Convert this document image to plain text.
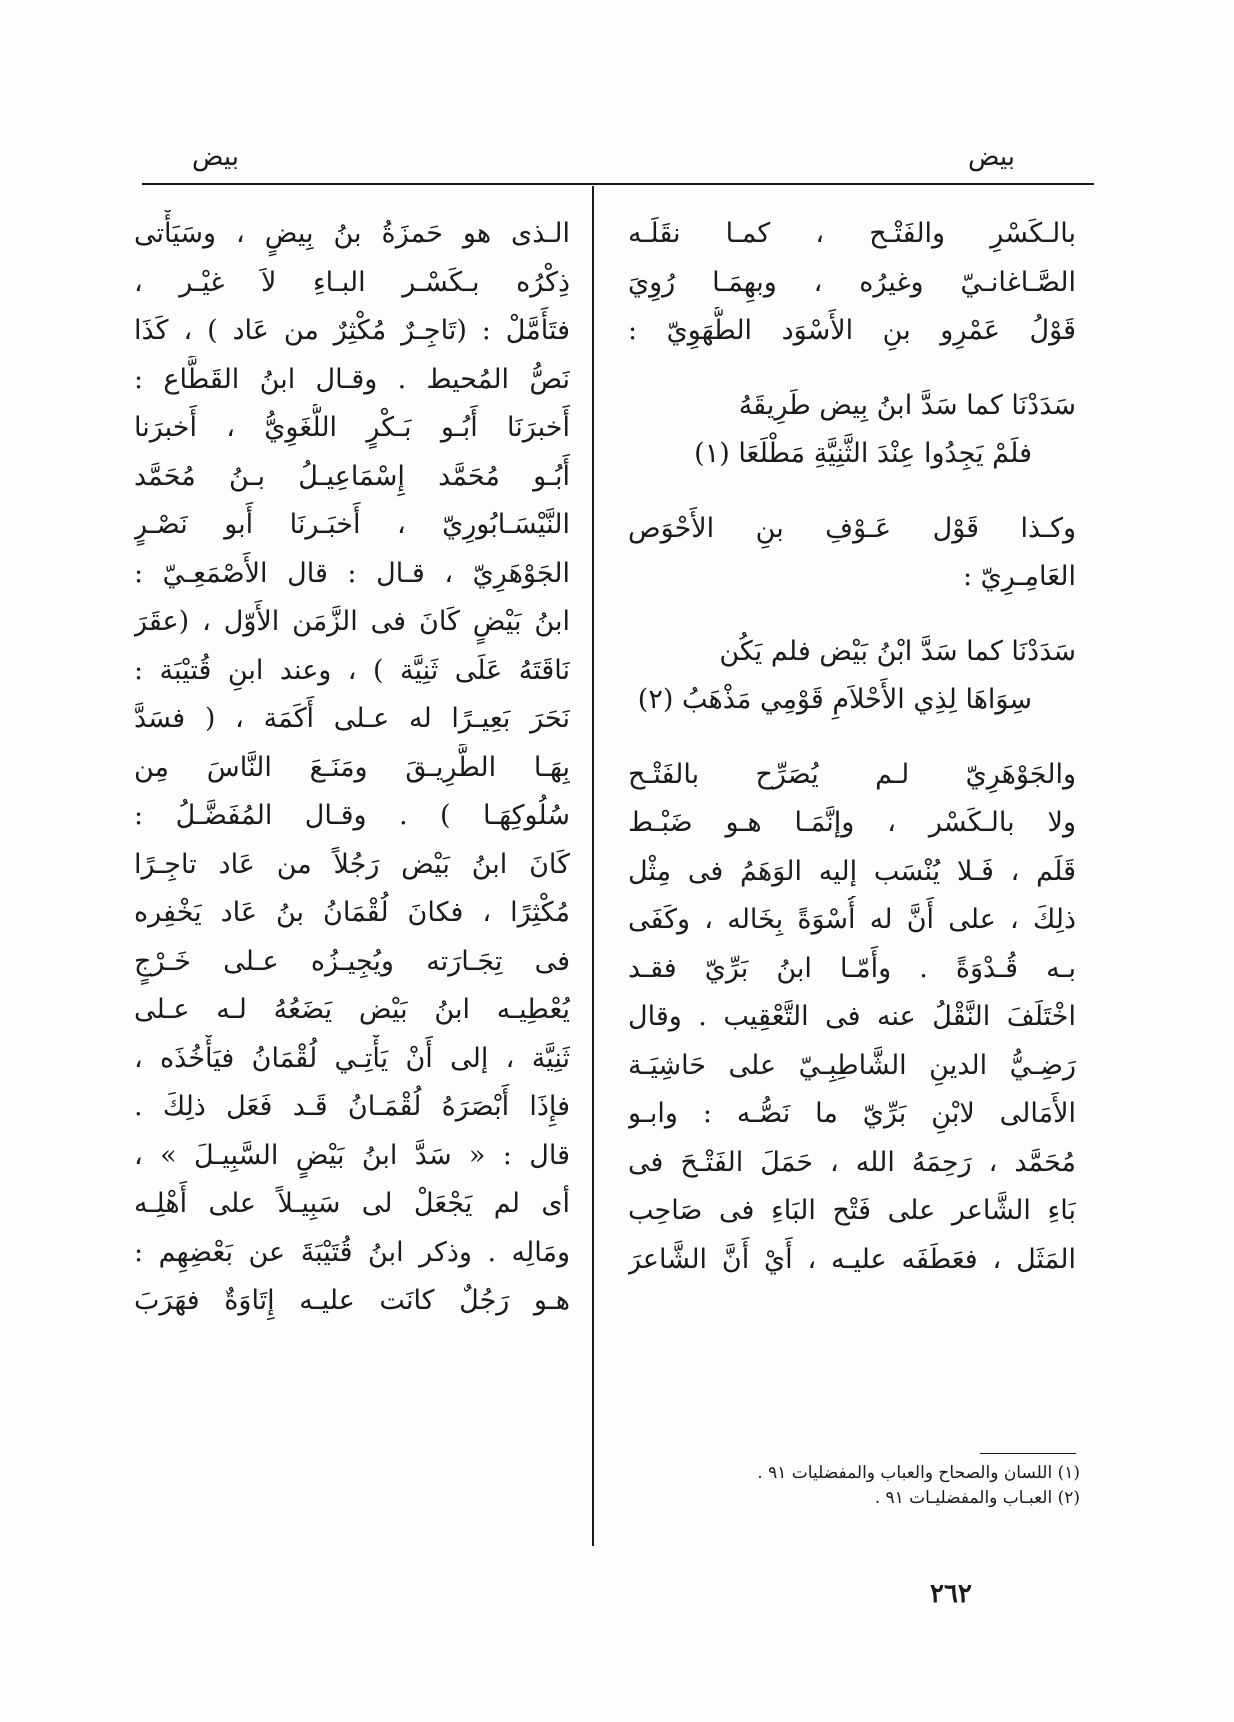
بيض
بيض
بالـكَسْرِ والفَتْـح ، كمـا نقَلَـه
الصَّـاغانـيّ وغيرُه ، وبهِمَـا رُوِيَ
قَوْلُ عَمْرِو بنِ الأَسْوَد الطُّهَوِيّ :
سَدَدْنَا كما سَدَّ ابنُ بِيض طَرِيقَهُ
فلَمْ يَجِدُوا عِنْدَ الثَّنِيَّةِ مَطْلَعَا (١)
وكـذا قَوْل عَـوْفِ بنِ الأَحْوَص
العَامِـرِيّ :
سَدَدْنَا كما سَدَّ ابْنُ بَيْض فلم يَكُن
سِوَاهَا لِذِي الأَحْلاَمِ قَوْمِي مَذْهَبُ (٢)
والجَوْهَرِيّ لـم يُصَرِّح بالفَتْـح
ولا بالـكَسْر ، وإنَّمَـا هـو ضَبْـط
قَلَم ، فَـلا يُنْسَب إليه الوَهَمُ فى مِثْل
ذلِكَ ، على أَنَّ له أُسْوَةً بِخَاله ، وكَفَى
بـه قُـدْوَةً . وأَمّـا ابنُ بَرِّيّ فقـد
اخْتَلَفَ النَّقْلُ عنه فى التَّعْقِيب . وقال
رَضِـيُّ الدينِ الشَّاطِبِـيّ على حَاشِيَـة
الأَمَالى لابْنِ بَرِّيّ ما نَصُّـه : وابـو
مُحَمَّد ، رَحِمَهُ الله ، حَمَلَ الفَتْـحَ فى
بَاءِ الشَّاعر على فَتْح البَاءِ فى صَاحِب
المَثَل ، فعَطَفَه عليـه ، أَيْ أَنَّ الشَّاعرَ
الـذى هو حَمزَةُ بنُ بِيضٍ ، وسَيَأْتى
ذِكْرُه بـكَسْـر البـاءِ لاَ غيْـر ،
فتَأَمَّلْ : (تَاجِـرٌ مُكْثِرٌ من عَاد ) ، كَذَا
نَصُّ المُحيط . وقـال ابنُ القَطَّاع :
أَخبرَنَا أَبُـو بَـكْرٍ اللُّغَوِيُّ ، أَخبرَنا
أَبُـو مُحَمَّد إِسْمَاعِيـلُ بـنُ مُحَمَّد
النَّيْسَـابُورِيّ ، أَخبَـرنَا أَبو نَصْـرٍ
الجَوْهَرِيّ ، قـال : قال الأَصْمَعِـيّ :
ابنُ بَيْضٍ كَانَ فى الزَّمَن الأَوّل ، (عقَرَ
نَاقَتَهُ عَلَى ثَنِيَّة ) ، وعند ابنِ قُتيْبَة :
نَحَرَ بَعِيـرًا له عـلى أَكَمَة ، ( فسَدَّ
بِهَـا الطَّرِيـقَ ومَنَـعَ النَّاسَ مِن
سُلُوكِهَـا ) . وقـال المُفَضَّـلُ :
كَانَ ابنُ بَيْض رَجُلاً من عَاد تاجِـرًا
مُكْثِرًا ، فكانَ لُقْمَانُ بنُ عَاد يَخْفِره
فى تِجَـارَته ويُجِيـزُه عـلى خَـرْجٍ
يُعْطِيـه ابنُ بَيْض يَضَعُهُ لـه عـلى
ثَنِيَّة ، إلى أَنْ يَأْتِـي لُقْمَانُ فيَأْخُذَه ،
فإِذَا أَبْصَرَهُ لُقْمَـانُ قَـد فَعَل ذلِكَ .
قال : « سَدَّ ابنُ بَيْضٍ السَّبِيـلَ » ،
أى لم يَجْعَلْ لى سَبِيـلاً على أَهْلِـه
ومَالِه . وذكر ابنُ قُتَيْبَةَ عن بَعْضِهِم :
هـو رَجُلٌ كانَت عليـه إِتَاوَةٌ فهَرَبَ
(١) اللسان والصحاح والعباب والمفضليات ٩١ .
(٢) العبـاب والمفضليـات ٩١ .
٢٦٢
